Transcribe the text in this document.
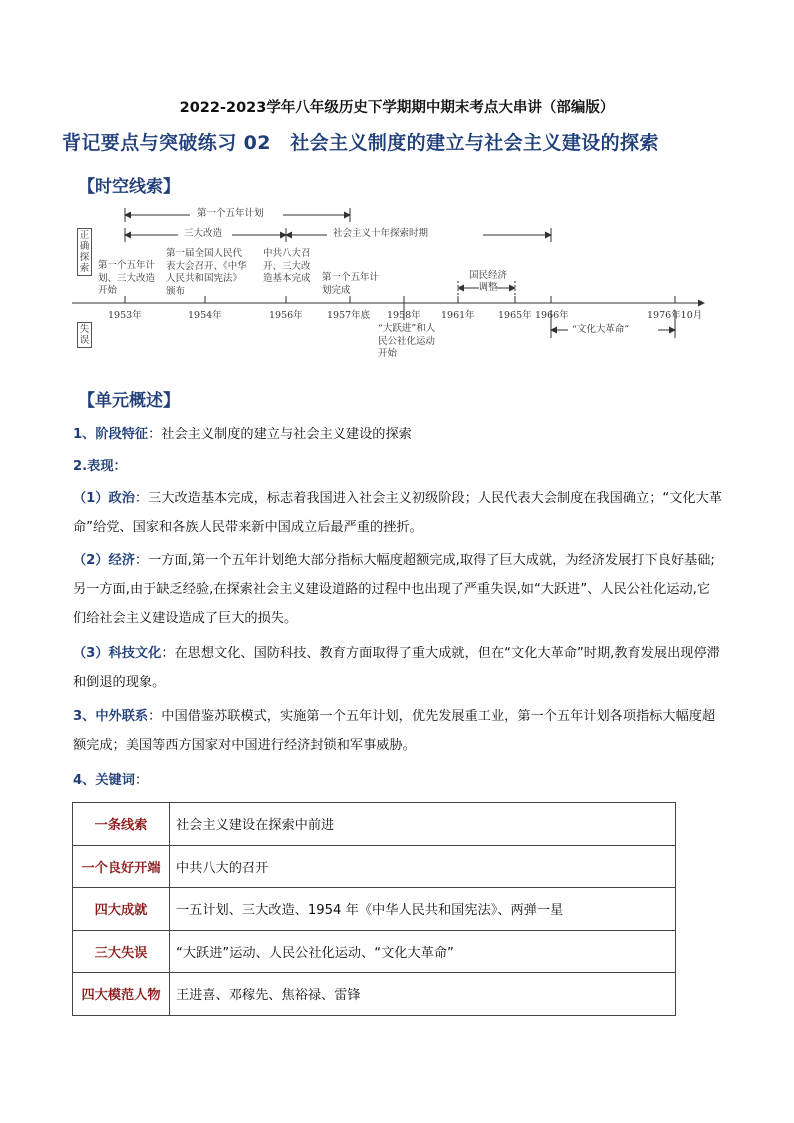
2022-2023学年八年级历史下学期期中期末考点大串讲（部编版）
背记要点与突破练习 02　社会主义制度的建立与社会主义建设的探索
【时空线索】
正确探索
失误
第一个五年计划
三大改造	社会主义十年探索时期
国民经济调整
“文化大革命”
第一个五年计划、三大改造开始
第一届全国人民代表大会召开、《中华人民共和国宪法》颁布
中共八大召开、三大改造基本完成 第一个五年计划完成
“大跃进”和人民公社化运动开始
1953年	1954年	1956年	1957年底 1958年 1961年 1965年 1966年	1976年10月
【单元概述】
1、阶段特征：社会主义制度的建立与社会主义建设的探索
2.表现：
（1）政治：三大改造基本完成，标志着我国进入社会主义初级阶段；人民代表大会制度在我国确立；“文化大革命”给党、国家和各族人民带来新中国成立后最严重的挫折。
（2）经济：一方面,第一个五年计划绝大部分指标大幅度超额完成,取得了巨大成就，为经济发展打下良好基础;另一方面,由于缺乏经验,在探索社会主义建设道路的过程中也出现了严重失误,如“大跃进”、人民公社化运动,它们给社会主义建设造成了巨大的损失。
（3）科技文化：在思想文化、国防科技、教育方面取得了重大成就，但在“文化大革命”时期,教育发展出现停滞和倒退的现象。
3、中外联系：中国借鉴苏联模式，实施第一个五年计划，优先发展重工业，第一个五年计划各项指标大幅度超额完成；美国等西方国家对中国进行经济封锁和军事威胁。
4、关键词：
一条线索	社会主义建设在探索中前进
一个良好开端	中共八大的召开
四大成就	一五计划、三大改造、1954 年《中华人民共和国宪法》、两弹一星
三大失误	“大跃进”运动、人民公社化运动、“文化大革命”
四大模范人物	王进喜、邓稼先、焦裕禄、雷锋
